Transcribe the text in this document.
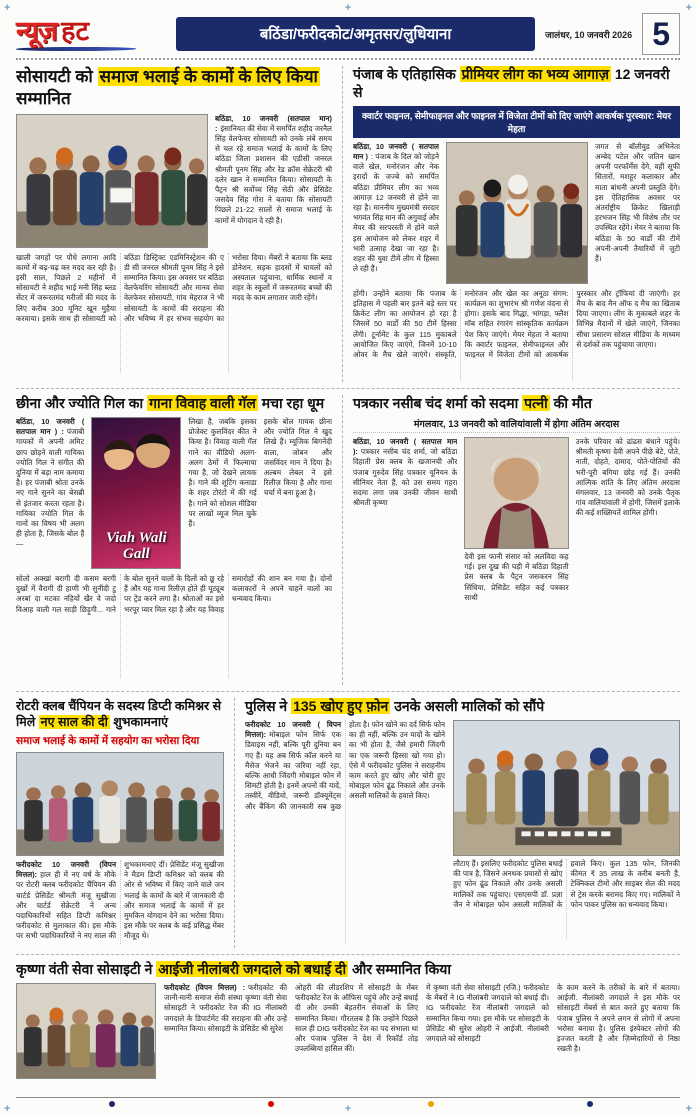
+	+
+	+
+
+
न्यूज़ हट	बठिंडा/फरीदकोट/अमृतसर/लुधियाना	जालंधर, 10 जनवरी 2026 5
सोसायटी को समाज भलाई के कामों के लिए किया सम्मानित
बठिंडा, 10 जनवरी (सतपाल मान) : इंसानियत की सेवा में समर्पित शहीद जरनैल सिंह वेलफेयर सोसायटी को उनके लंबे समय से चल रहे समाज भलाई के कामों के लिए बठिंडा जिला प्रशासन की एडीसी जनरल श्रीमती पूनम सिंह और रेड क्रॉस सेक्रेटरी श्री दलेर खान ने सम्मानित किया। सोसायटी के पैट्रन श्री सर्वोच्च सिंह सेठी और प्रेसिडेंट जसदेव सिंह गोरा ने बताया कि सोसायटी पिछले 21-22 सालों से समाज भलाई के कामों में योगदान दे रही है।
खाली जगहों पर पौधे लगाना आदि कामों में बढ़-चढ़ कर मदद कर रही है। इसी साल, पिछले 2 महीनों में सोसायटी ने शहीद भाई मनी सिंह ब्लड सेंटर में जरूरतमंद मरीजों की मदद के लिए करीब 300 यूनिट खून मुहैया करवाया। इसके साथ ही सोसायटी को बठिंडा डिस्ट्रिक्ट एडमिनिस्ट्रेशन की ए डी सी जनरल श्रीमती पूनम सिंह ने इसे सम्मानित किया। इस अवसर पर बठिंडा वेलफेयरिंग सोसायटी और मानव सेवा वेलफेयर सोसायटी, गांव मेहराज ने भी सोसायटी के कामों की सराहना की और भविष्य में हर संभव सहयोग का भरोसा दिया। मेंबरों ने बताया कि ब्लड डोनेशन, सड़क हादसों में घायलों को अस्पताल पहुंचाना, धार्मिक स्थानों व शहर के स्कूलों में जरूरतमंद बच्चों की मदद के काम लगातार जारी रहेंगे।
पंजाब के एतिहासिक प्रीमियर लीग का भव्य आगाज़ 12 जनवरी से
क्वार्टर फाइनल, सेमीफाइनल और फाइनल में विजेता टीमों को दिए जाएंगे आकर्षक पुरस्कार: मेयर मेहता
बठिंडा, 10 जनवरी ( सतपाल मान ) : पंजाब के दिल को जोड़ने वाले खेल, मनोरंजन और नेक इरादों के जज्बे को समर्पित बठिंडा प्रीमियर लीग का भव्य आगाज़ 12 जनवरी से होने जा रहा है। माननीय मुख्यमंत्री सरदार भगवंत सिंह मान की अगुवाई और मेयर की सरपरस्ती में होने वाले इस आयोजन को लेकर शहर में भारी उत्साह देखा जा रहा है। शहर की युवा टीमें लीग में हिस्सा ले रही हैं।
जगत से बॉलीवुड अभिनेता अम्बेद पटेल और जतिन खान अपनी परफॉर्मेंस देंगे, वहीं सूफी सितारों, मशहूर कलाकार और माता बांधनी अपनी प्रस्तुति देंगे। इस ऐतिहासिक अवसर पर अंतर्राष्ट्रीय क्रिकेट खिलाड़ी हरभजन सिंह भी विशेष तौर पर उपस्थित रहेंगे। मेयर ने बताया कि बठिंडा के 50 वार्डों की टीमें अपनी-अपनी तैयारियों में जुटी हैं।
होंगी। उन्होंने बताया कि पंजाब के इतिहास में पहली बार इतने बड़े स्तर पर क्रिकेट लीग का आयोजन हो रहा है जिसमें 50 वार्डों की 50 टीमें हिस्सा लेंगी। टूर्नामेंट के कुल 115 मुकाबले आयोजित किए जाएंगे, जिनमें 10-10 ओवर के मैच खेले जाएंगे। संस्कृति, मनोरंजन और खेल का अनूठा संगम: कार्यक्रम का शुभारंभ श्री गणेश वंदना से होगा। इसके बाद गिद्धा, भांगड़ा, फ्लैश मॉब सहित रंगारंग सांस्कृतिक कार्यक्रम पेश किए जाएंगे। मेयर मेहता ने बताया कि क्वार्टर फाइनल, सेमीफाइनल और फाइनल में विजेता टीमों को आकर्षक पुरस्कार और ट्रॉफियां दी जाएंगी। हर मैच के बाद मैन ऑफ द मैच का खिताब दिया जाएगा। लीग के मुकाबले शहर के विभिन्न मैदानों में खेले जाएंगे, जिनका सीधा प्रसारण सोशल मीडिया के माध्यम से दर्शकों तक पहुंचाया जाएगा।
छीना और ज्योति गिल का गाना विवाह वाली गॅल मचा रहा धूम
बठिंडा, 10 जनवरी ( सतपाल मान ) : पंजाबी गायकों में अपनी अमिट छाप छोड़ने वाली गायिका ज्योति गिल ने संगीत की दुनिया में बड़ा नाम कमाया है। हर पंजाबी श्रोता उनके नए गाने सुनने का बेसब्री से इंतजार करता रहता है। गायिका ज्योति गिल के गानों का विषय भी अलग ही होता है, जिसके बोल हैं—	Viah Wali Gall
लिखा है, जबकि इसका प्रोजेक्ट कुलविंदर कीत ने किया है। विवाह वाली गॅल गाने का वीडियो अलग-अलग ठेमों में फिल्माया गया है, जो देखने लायक है। गाने की शूटिंग कनाडा के शहर टोरंटो में की गई है। गाने को सोशल मीडिया पर लाखों व्यूज मिल चुके हैं।
इसके बोल गायक छीना और ज्योति गिल ने खुद लिखे हैं। म्यूजिक बिगनेंदी वाला, जोबन और जसविंदर मान ने दिया है। अल्बम लेबल ने इसे रिलीज़ किया है और गाना चर्चा में बना हुआ है।
सोलो अक्खां बरागी दी कसम बरगी दुखों में वैरागी दी हाणी भी सुनींदी टु अरबां दा मटका नहियों खैर वे जदो विआह वाली गल साड़ी छिड़ूगी... गाने के बोल सुनने वालों के दिलों को छू रहे हैं और यह गाना रिलीज़ होते ही यूट्यूब पर ट्रेंड करने लगा है। श्रोताओं का इसे भरपूर प्यार मिल रहा है और यह विवाह समारोहों की शान बन गया है। दोनों कलाकारों ने अपने चाहने वालों का धन्यवाद किया।
पत्रकार नसीब चंद शर्मा को सदमा पत्नी की मौत
मंगलवार, 13 जनवरी को वालियांवाली में होगा अंतिम अरदास
बठिंडा, 10 जनवरी ( सतपाल मान ): पत्रकार नसीब चंद शर्मा, जो बठिंडा दिहाती प्रेस क्लब के खजानची और पंजाब गुरुदेव सिंह पत्रकार यूनियन के सीनियर नेता हैं, को उस समय गहरा सदमा लगा जब उनकी जीवन साथी श्रीमती कृष्णा
देवी इस फानी संसार को अलविदा कह गईं। इस दुख की घड़ी में बठिंडा दिहाती प्रेस क्लब के पैट्रन जसकरन सिंह सिंधिया, प्रेसिडेंट सहित कई पत्रकार साथी
उनके परिवार को ढांढस बंधाने पहुंचे। श्रीमती कृष्णा देवी अपने पीछे बेटे, पोते, नाती, दोहते, दामाद, पोते-पोतियों की भरी-पूरी बगिया छोड़ गई हैं। उनकी आत्मिक शांति के लिए अंतिम अरदास मंगलवार, 13 जनवरी को उनके पैतृक गांव वालियांवाली में होगी, जिसमें इलाके की कई शख्सियतें शामिल होंगी।
रोटरी क्लब चैंपियन के सदस्य डिप्टी कमिश्नर से मिले नए साल की दी शुभकामनाएं
समाज भलाई के कामों में सहयोग का भरोसा दिया
फरीदकोट 10 जनवरी (विपन मित्तल): हाल ही में नए वर्ष के मौके पर रोटरी क्लब फरीदकोट चैंपियन की चार्टर्ड प्रेसिडेंट श्रीमती मंजू सुखीजा और चार्टर्ड सेक्रेटरी ने अन्य पदाधिकारियों सहित डिप्टी कमिश्नर फरीदकोट से मुलाकात की। इस मौके पर सभी पदाधिकारियों ने नए साल की शुभकामनाएं दीं। प्रेसिडेंट मंजू सुखीजा ने मैडम डिप्टी कमिश्नर को क्लब की ओर से भविष्य में किए जाने वाले जन भलाई के कामों के बारे में जानकारी दी और समाज भलाई के कामों में हर मुमकिन योगदान देने का भरोसा दिया। इस मौके पर क्लब के कई प्रसिद्ध मेंबर मौजूद थे।
पुलिस ने 135 खोए हुए फ़ोन उनके असली मालिकों को सौंपे
फरीदकोट 10 जनवरी ( विपन मित्तल): मोबाइल फोन सिर्फ एक डिवाइस नहीं, बल्कि पूरी दुनिया बन गए हैं। यह अब सिर्फ कॉल करने या मैसेज भेजने का जरिया नहीं रहा, बल्कि आधी जिंदगी मोबाइल फोन में सिमटी होती है। इनमें अपनों की यादें, तस्वीरें, वीडियो, जरूरी डॉक्यूमेंट्स और बैंकिंग की जानकारी सब कुछ होता है। फोन खोने का दर्द सिर्फ फोन का ही नहीं, बल्कि उन यादों के खोने का भी होता है, जैसे हमारी जिंदगी का एक जरूरी हिस्सा खो गया हो। ऐसे में फरीदकोट पुलिस ने सराहनीय काम करते हुए खोए और चोरी हुए मोबाइल फोन ढूंढ निकाले और उनके असली मालिकों के हवाले किए।
लौटाए हैं। इसलिए फरीदकोट पुलिस बधाई की पात्र है, जिसने अनथक प्रयासों से खोए हुए फोन ढूंढ निकाले और उनके असली मालिकों तक पहुंचाए। एसएसपी डॉ. प्रज्ञा जैन ने मोबाइल फोन असली मालिकों के हवाले किए। कुल 135 फोन, जिनकी कीमत ₹ 35 लाख के करीब बनती है, टेक्निकल टीमों और साइबर सेल की मदद से ट्रेस करके बरामद किए गए। मालिकों ने फोन पाकर पुलिस का धन्यवाद किया।
कृष्णा वंती सेवा सोसाइटी ने आईजी नीलांबरी जगदाले को बधाई दी और सम्मानित किया
फरीदकोट (विपन मित्तल) : फरीदकोट की जानी-मानी समाज सेवी संस्था कृष्णा वंती सेवा सोसाइटी ने फरीदकोट रेंज की IG नीलांबरी जगदाले के डिपार्टमेंट की सराहना की और उन्हें सम्मानित किया। सोसाइटी के प्रेसिडेंट श्री सुरेश
ओहरी की लीडरशिप में सोसाइटी के मेंबर फरीदकोट रेंज के ऑफिस पहुंचे और उन्हें बधाई दी और उनकी बेहतरीन सेवाओं के लिए सम्मानित किया। गौरतलब है कि उन्होंने पिछले साल ही DIG फरीदकोट रेंज का पद संभाला था और पंजाब पुलिस ने देश में रिकॉर्ड तोड़ उपलब्धियां हासिल कीं।
में कृष्णा वंती सेवा सोसाइटी (रजि.) फरीदकोट के मेंबरों ने IG नीलांबरी जगदाले को बधाई दी। IG फरीदकोट रेंज नीलांबरी जगदाले को सम्मानित किया गया। इस मौके पर सोसाइटी के प्रेसिडेंट श्री सुरेश ओहरी ने आईजी. नीलांबरी जगदाले को सोसाइटी
के काम करने के तरीकों के बारे में बताया। आईजी. नीलांबरी जगदाले ने इस मौके पर सोसाइटी मेंबर्स से बात करते हुए बताया कि पंजाब पुलिस ने अपने लगन से लोगों में अपना भरोसा बनाया है। पुलिस इंस्पेक्टर लोगों की इज्जत करती है और ज़िम्मेदारियों से निष्ठा रखती है।
